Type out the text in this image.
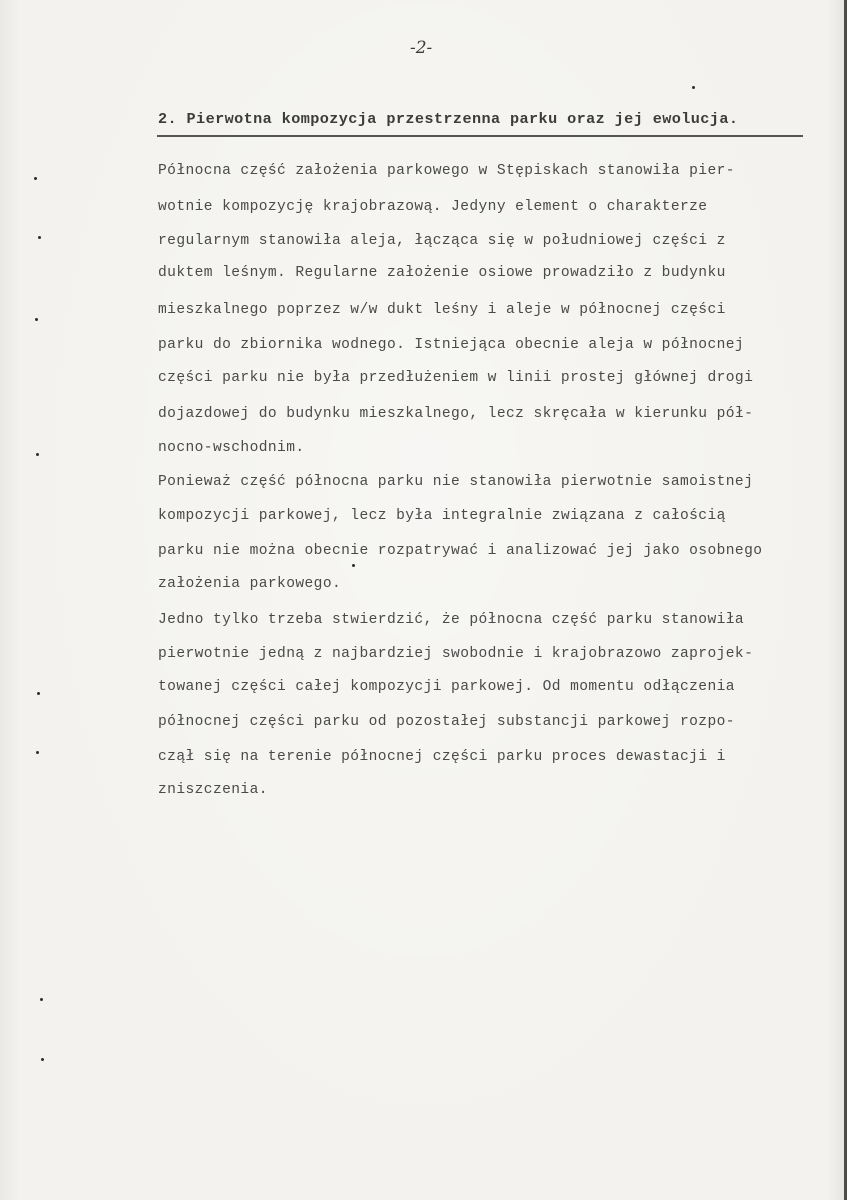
-2-
2. Pierwotna kompozycja przestrzenna parku oraz jej ewolucja.
Północna część założenia parkowego w Stępiskach stanowiła pier-
wotnie kompozycję krajobrazową. Jedyny element o charakterze
regularnym stanowiła aleja, łącząca się w południowej części z
duktem leśnym. Regularne założenie osiowe prowadziło z budynku
mieszkalnego poprzez w/w dukt leśny i aleje w północnej części
parku do zbiornika wodnego. Istniejąca obecnie aleja w północnej
części parku nie była przedłużeniem w linii prostej głównej drogi
dojazdowej do budynku mieszkalnego, lecz skręcała w kierunku pół-
nocno-wschodnim.
Ponieważ część północna parku nie stanowiła pierwotnie samoistnej
kompozycji parkowej, lecz była integralnie związana z całością
parku nie można obecnie rozpatrywać i analizować jej jako osobnego
założenia parkowego.
Jedno tylko trzeba stwierdzić, że północna część parku stanowiła
pierwotnie jedną z najbardziej swobodnie i krajobrazowo zaprojek-
towanej części całej kompozycji parkowej. Od momentu odłączenia
północnej części parku od pozostałej substancji parkowej rozpo-
czął się na terenie północnej części parku proces dewastacji i
zniszczenia.
